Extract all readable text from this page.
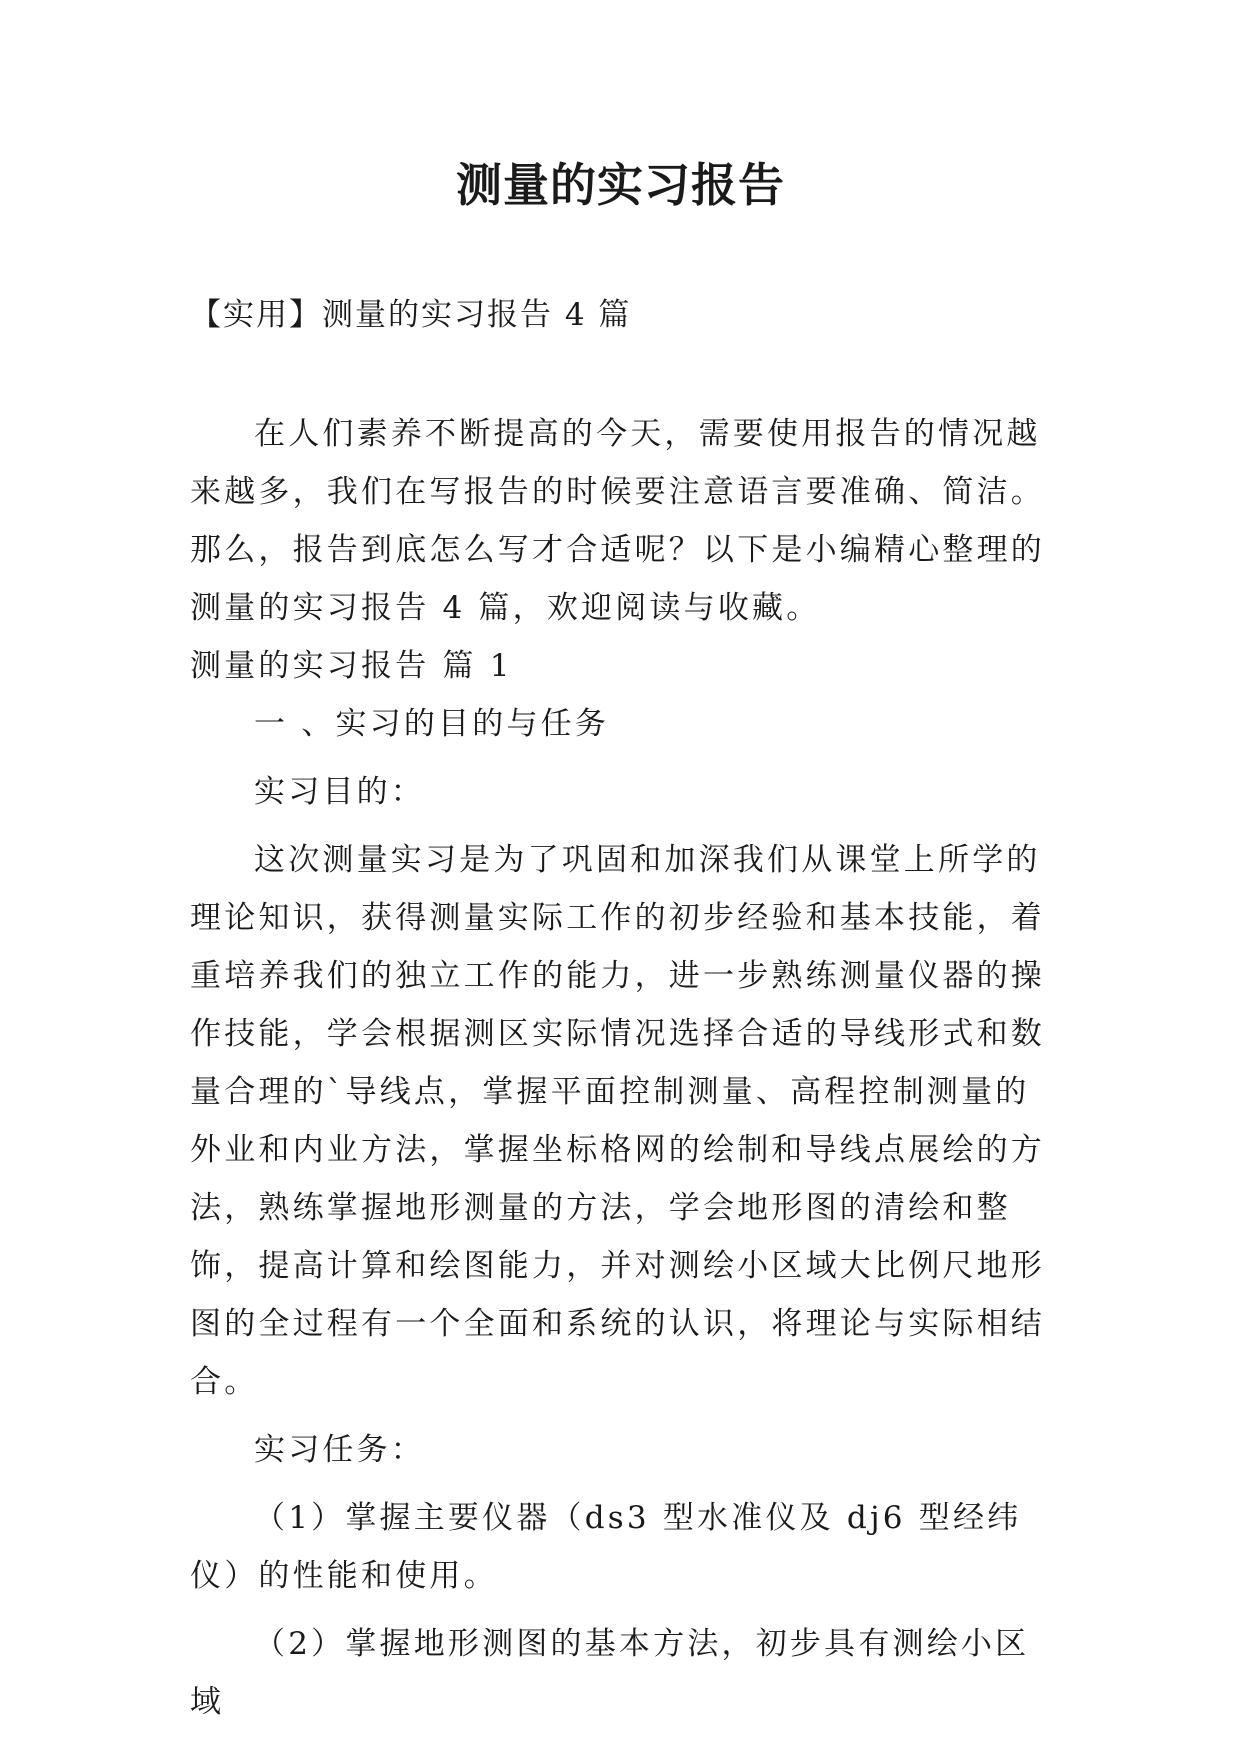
测量的实习报告
【实用】测量的实习报告 4 篇

在人们素养不断提高的今天，需要使用报告的情况越来越多，我们在写报告的时候要注意语言要准确、简洁。那么，报告到底怎么写才合适呢？以下是小编精心整理的测量的实习报告 4 篇，欢迎阅读与收藏。

测量的实习报告 篇 1

一 、实习的目的与任务

实习目的：

这次测量实习是为了巩固和加深我们从课堂上所学的理论知识，获得测量实际工作的初步经验和基本技能，着重培养我们的独立工作的能力，进一步熟练测量仪器的操作技能，学会根据测区实际情况选择合适的导线形式和数量合理的`导线点，掌握平面控制测量、高程控制测量的外业和内业方法，掌握坐标格网的绘制和导线点展绘的方法，熟练掌握地形测量的方法，学会地形图的清绘和整饰，提高计算和绘图能力，并对测绘小区域大比例尺地形图的全过程有一个全面和系统的认识，将理论与实际相结合。

实习任务：

（1）掌握主要仪器（ds3 型水准仪及 dj6 型经纬仪）的性能和使用。

（2）掌握地形测图的基本方法，初步具有测绘小区域
